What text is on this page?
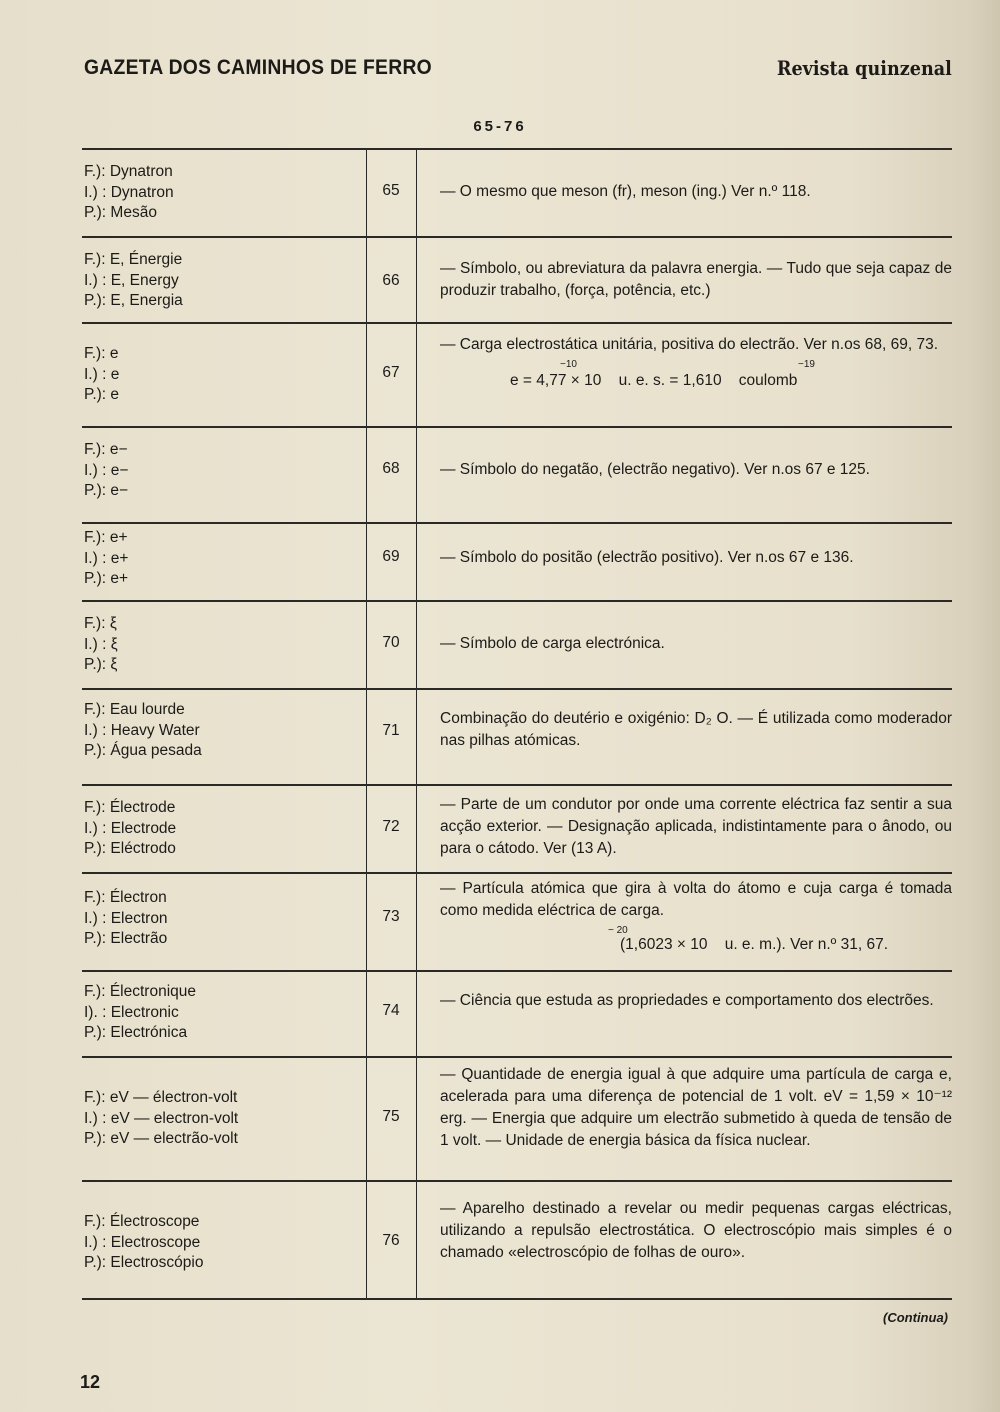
GAZETA DOS CAMINHOS DE FERRO	Revista quinzenal
65-76
F.): Dynatron
I.) : Dynatron
P.): Mesão
65	— O mesmo que meson (fr), meson (ing.) Ver n.º 118.
F.): E, Énergie
I.) : E, Energy
P.): E, Energia
66
— Símbolo, ou abreviatura da palavra energia. — Tudo que seja capaz de produzir trabalho, (força, potência, etc.)
F.): e
I.) : e
P.): e
67
— Carga electrostática unitária, positiva do electrão. Ver n.os 68, 69, 73.
−10	−19
e = 4,77 × 10    u. e. s. = 1,610    coulomb
F.): e−
I.) : e−
P.): e−
68	— Símbolo do negatão, (electrão negativo). Ver n.os 67 e 125.
F.): e+
I.) : e+
P.): e+
69	— Símbolo do positão (electrão positivo). Ver n.os 67 e 136.
F.): ξ
I.) : ξ
P.): ξ
70	— Símbolo de carga electrónica.
F.): Eau lourde
I.) : Heavy Water
P.): Água pesada
71
Combinação do deutério e oxigénio: D₂ O. — É utilizada como moderador nas pilhas atómicas.
F.): Électrode
I.) : Electrode
P.): Eléctrodo
72
— Parte de um condutor por onde uma corrente eléctrica faz sentir a sua acção exterior. — Designação aplicada, indistintamente para o ânodo, ou para o cátodo. Ver (13 A).
F.): Électron
I.) : Electron
P.): Electrão
73
— Partícula atómica que gira à volta do átomo e cuja carga é tomada como medida eléctrica de carga.
− 20
(1,6023 × 10    u. e. m.). Ver n.º 31, 67.
F.): Électronique
I). : Electronic
P.): Electrónica
74
— Ciência que estuda as propriedades e comportamento dos electrões.
F.): eV — électron-volt
I.) : eV — electron-volt
P.): eV — electrão-volt
75
— Quantidade de energia igual à que adquire uma partícula de carga e, acelerada para uma diferença de potencial de 1 volt. eV = 1,59 × 10⁻¹² erg. — Energia que adquire um electrão submetido à queda de tensão de 1 volt. — Unidade de energia básica da física nuclear.
F.): Électroscope
I.) : Electroscope
P.): Electroscópio
76
— Aparelho destinado a revelar ou medir pequenas cargas eléctricas, utilizando a repulsão electrostática. O electroscópio mais simples é o chamado «electroscópio de folhas de ouro».
(Continua)
12
